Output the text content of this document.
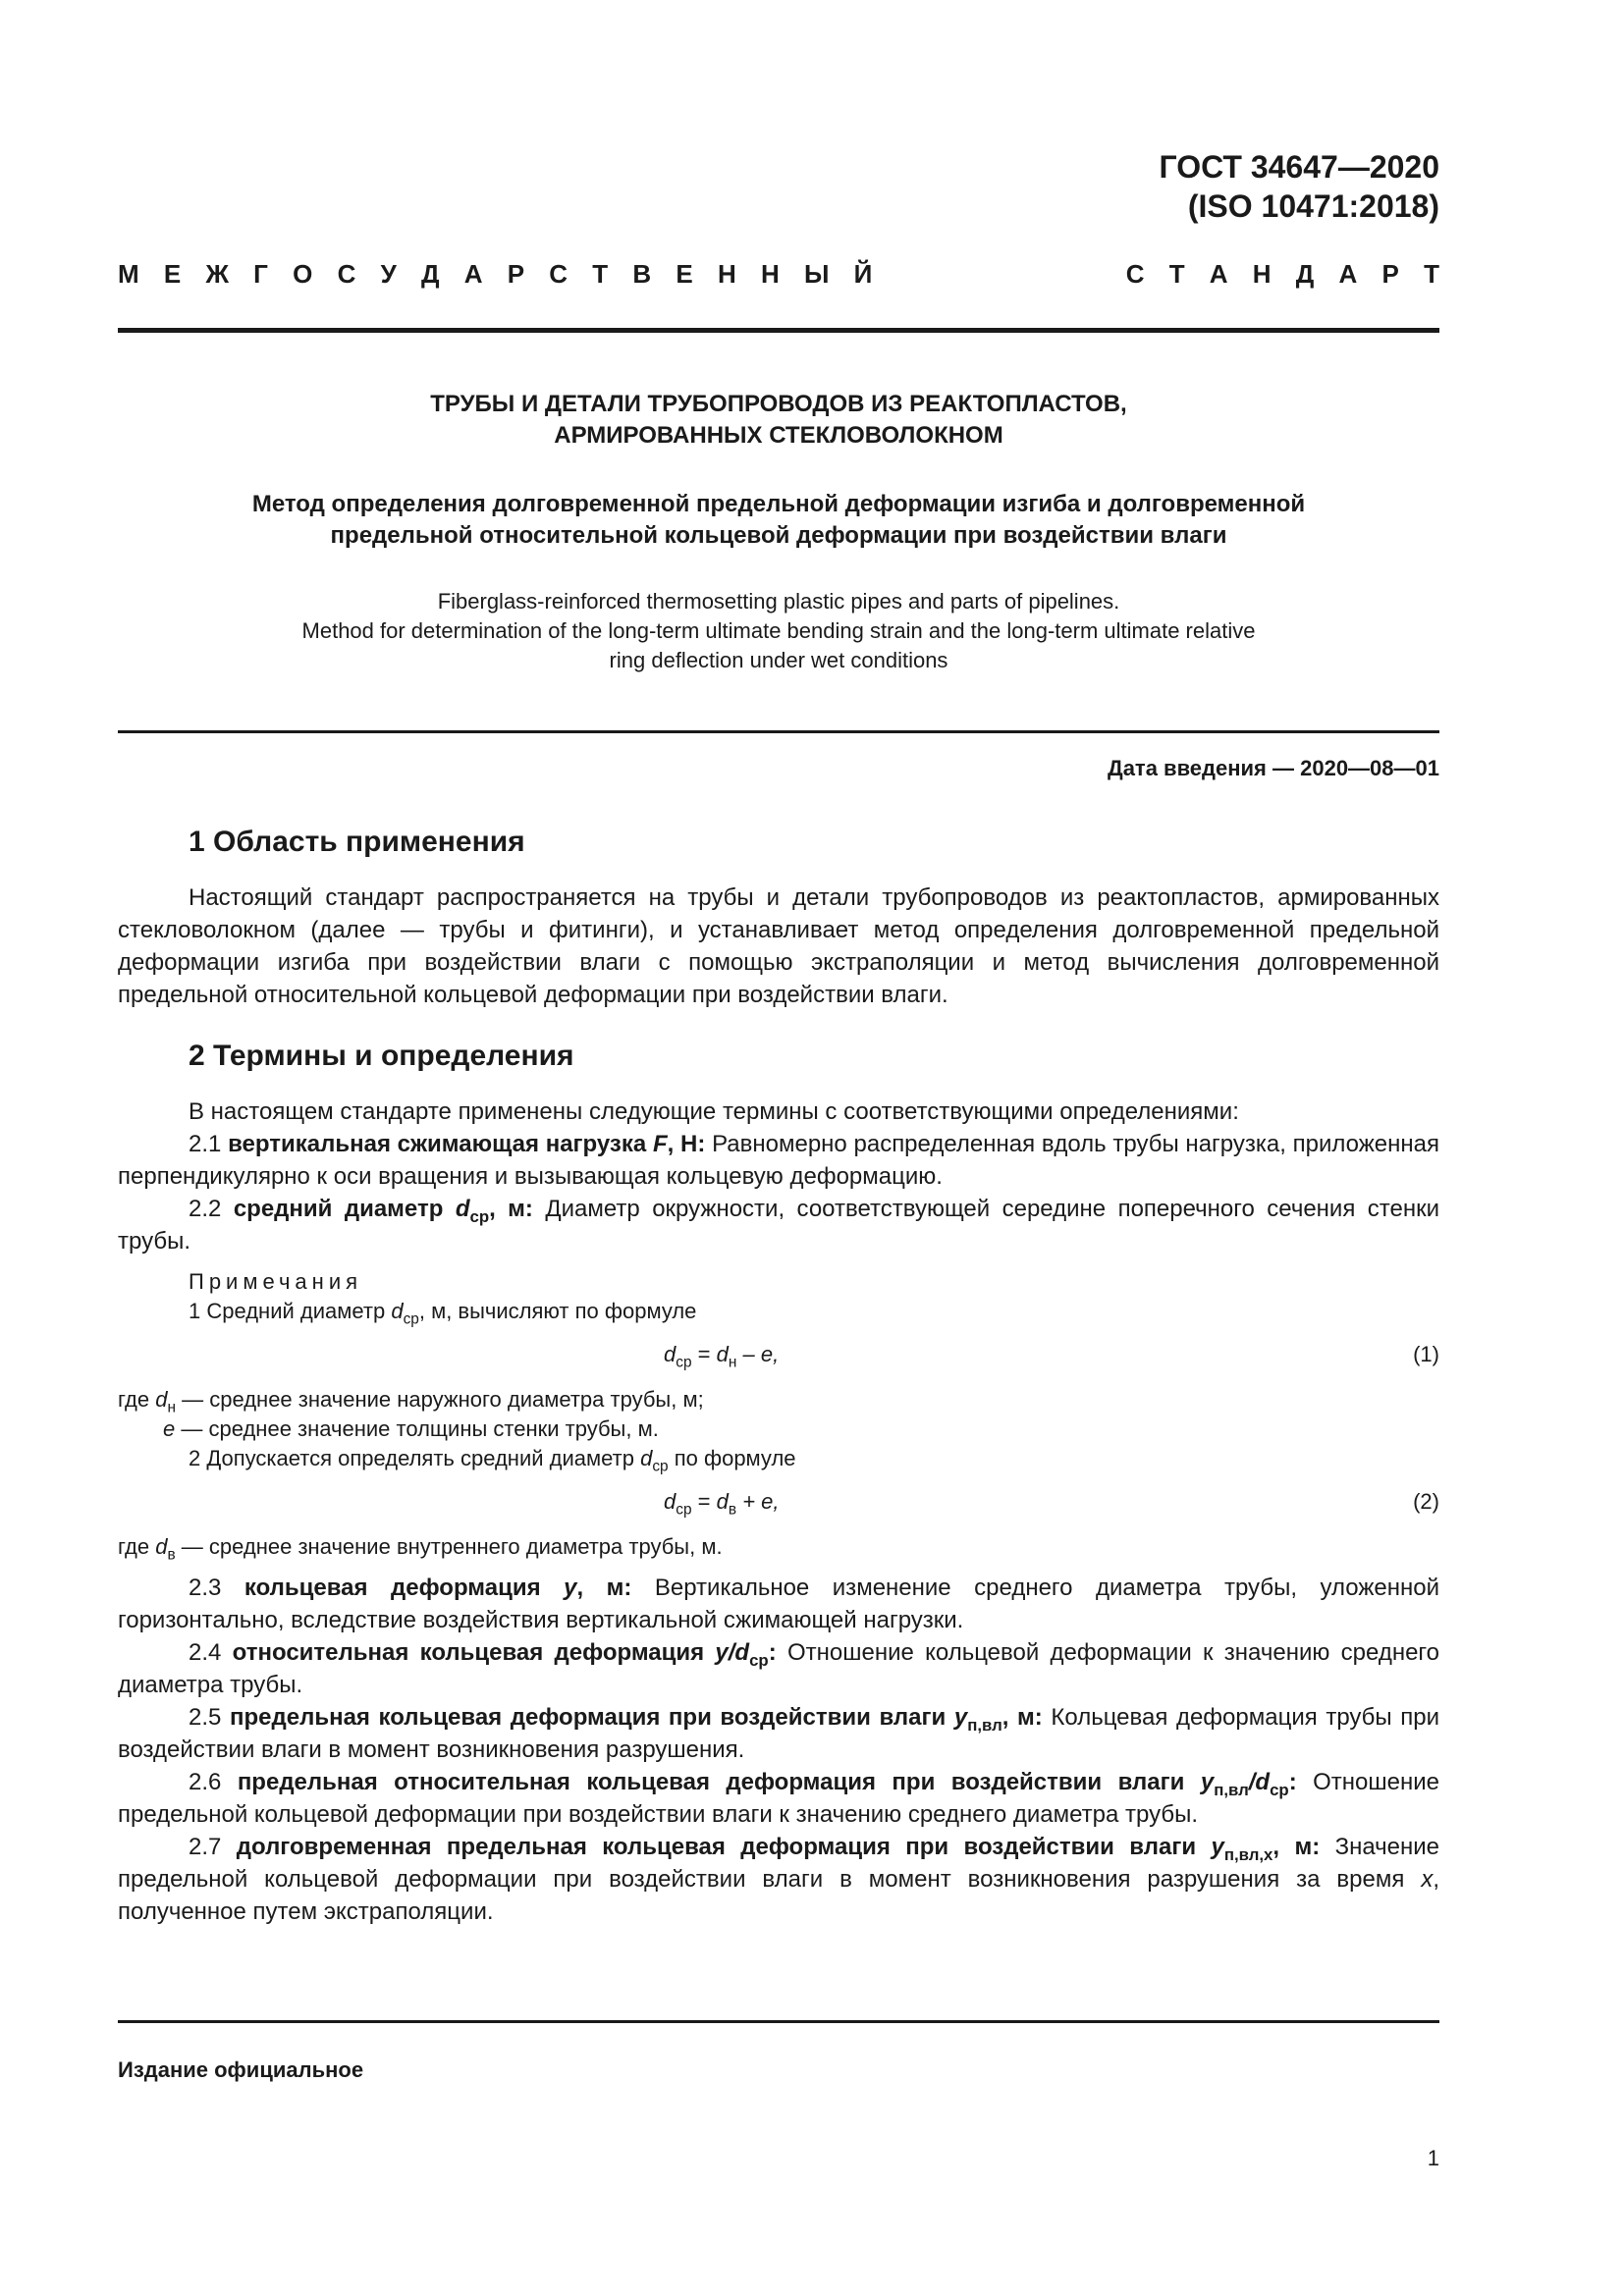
ГОСТ 34647—2020
(ISO 10471:2018)
М Е Ж Г О С У Д А Р С Т В Е Н Н Ы Й	С Т А Н Д А Р Т
ТРУБЫ И ДЕТАЛИ ТРУБОПРОВОДОВ ИЗ РЕАКТОПЛАСТОВ,
АРМИРОВАННЫХ СТЕКЛОВОЛОКНОМ
Метод определения долговременной предельной деформации изгиба и долговременной
предельной относительной кольцевой деформации при воздействии влаги
Fiberglass-reinforced thermosetting plastic pipes and parts of pipelines.
Method for determination of the long-term ultimate bending strain and the long-term ultimate relative
ring deflection under wet conditions
Дата введения — 2020—08—01
1 Область применения

Настоящий стандарт распространяется на трубы и детали трубопроводов из реактопластов, армированных стекловолокном (далее — трубы и фитинги), и устанавливает метод определения долговременной предельной деформации изгиба при воздействии влаги с помощью экстраполяции и метод вычисления долговременной предельной относительной кольцевой деформации при воздействии влаги.

2 Термины и определения

В настоящем стандарте применены следующие термины с соответствующими определениями:

2.1 вертикальная сжимающая нагрузка F, Н: Равномерно распределенная вдоль трубы нагрузка, приложенная перпендикулярно к оси вращения и вызывающая кольцевую деформацию.

2.2 средний диаметр $d_{ср}$, м: Диаметр окружности, соответствующей середине поперечного сечения стенки трубы.

Примечания
1 Средний диаметр $d_{ср}$, м, вычисляют по формуле
$d_{ср} = d_н - e$,	(1)
где $d_н$ — среднее значение наружного диаметра трубы, м;
e — среднее значение толщины стенки трубы, м.
2 Допускается определять средний диаметр $d_{ср}$ по формуле
$d_{ср} = d_в + e$,	(2)
где $d_в$ — среднее значение внутреннего диаметра трубы, м.

2.3 кольцевая деформация y, м: Вертикальное изменение среднего диаметра трубы, уложенной горизонтально, вследствие воздействия вертикальной сжимающей нагрузки.

2.4 относительная кольцевая деформация $y/d_{ср}$: Отношение кольцевой деформации к значению среднего диаметра трубы.

2.5 предельная кольцевая деформация при воздействии влаги $y_{п,вл}$, м: Кольцевая деформация трубы при воздействии влаги в момент возникновения разрушения.

2.6 предельная относительная кольцевая деформация при воздействии влаги $y_{п,вл}/d_{ср}$: Отношение предельной кольцевой деформации при воздействии влаги к значению среднего диаметра трубы.

2.7 долговременная предельная кольцевая деформация при воздействии влаги $y_{п,вл,x}$, м: Значение предельной кольцевой деформации при воздействии влаги в момент возникновения разрушения за время x, полученное путем экстраполяции.

Издание официальное
1
